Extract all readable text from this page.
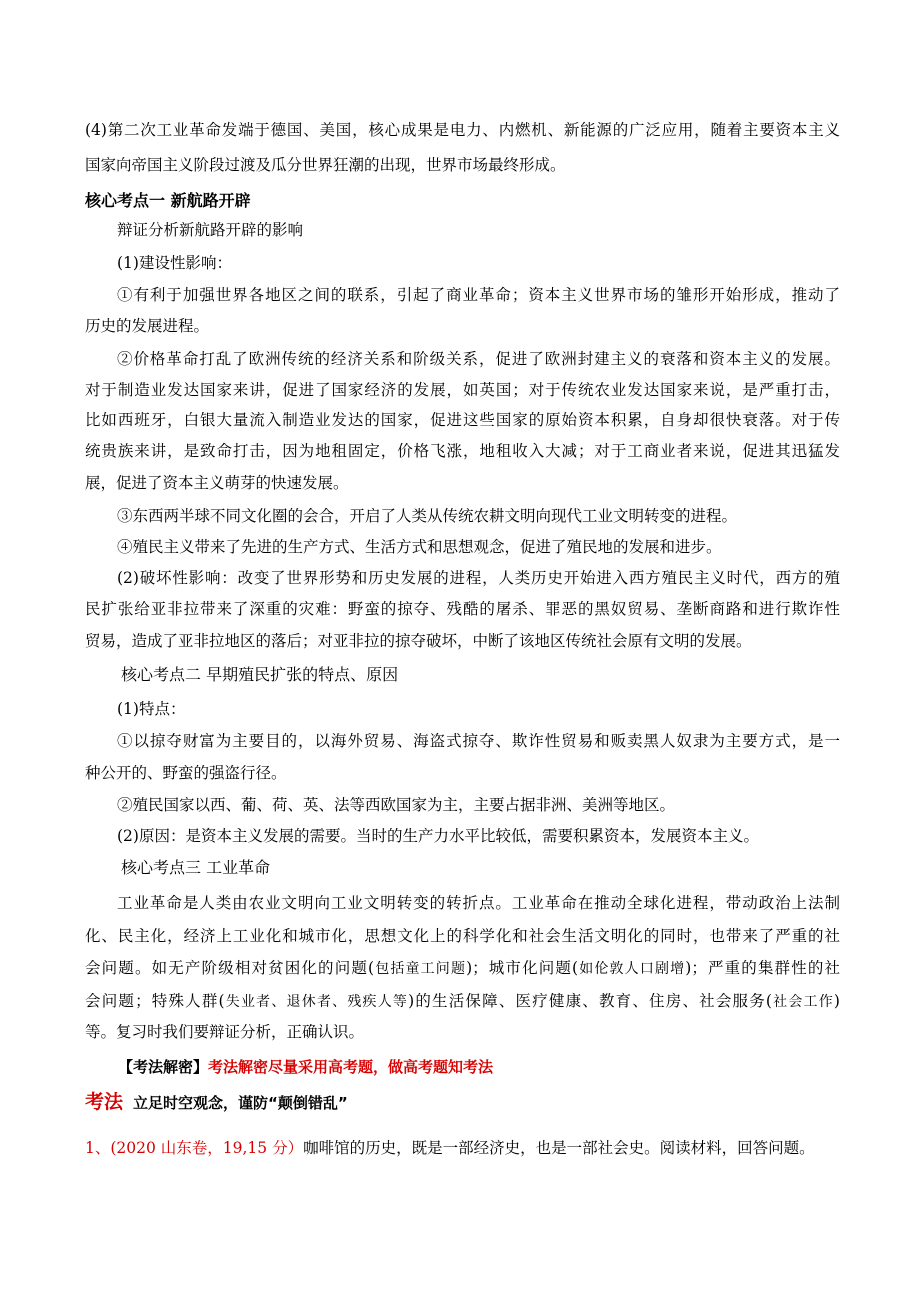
(4)第二次工业革命发端于德国、美国，核心成果是电力、内燃机、新能源的广泛应用，随着主要资本主义
国家向帝国主义阶段过渡及瓜分世界狂潮的出现，世界市场最终形成。
核心考点一 新航路开辟
辩证分析新航路开辟的影响
(1)建设性影响：
①有利于加强世界各地区之间的联系，引起了商业革命；资本主义世界市场的雏形开始形成，推动了
历史的发展进程。
②价格革命打乱了欧洲传统的经济关系和阶级关系，促进了欧洲封建主义的衰落和资本主义的发展。
对于制造业发达国家来讲，促进了国家经济的发展，如英国；对于传统农业发达国家来说，是严重打击，
比如西班牙，白银大量流入制造业发达的国家，促进这些国家的原始资本积累，自身却很快衰落。对于传
统贵族来讲，是致命打击，因为地租固定，价格飞涨，地租收入大减；对于工商业者来说，促进其迅猛发
展，促进了资本主义萌芽的快速发展。
③东西两半球不同文化圈的会合，开启了人类从传统农耕文明向现代工业文明转变的进程。
④殖民主义带来了先进的生产方式、生活方式和思想观念，促进了殖民地的发展和进步。
(2)破坏性影响：改变了世界形势和历史发展的进程，人类历史开始进入西方殖民主义时代，西方的殖
民扩张给亚非拉带来了深重的灾难：野蛮的掠夺、残酷的屠杀、罪恶的黑奴贸易、垄断商路和进行欺诈性
贸易，造成了亚非拉地区的落后；对亚非拉的掠夺破坏，中断了该地区传统社会原有文明的发展。
核心考点二 早期殖民扩张的特点、原因
(1)特点：
①以掠夺财富为主要目的，以海外贸易、海盗式掠夺、欺诈性贸易和贩卖黑人奴隶为主要方式，是一
种公开的、野蛮的强盗行径。
②殖民国家以西、葡、荷、英、法等西欧国家为主，主要占据非洲、美洲等地区。
(2)原因：是资本主义发展的需要。当时的生产力水平比较低，需要积累资本，发展资本主义。
核心考点三 工业革命
工业革命是人类由农业文明向工业文明转变的转折点。工业革命在推动全球化进程，带动政治上法制
化、民主化，经济上工业化和城市化，思想文化上的科学化和社会生活文明化的同时，也带来了严重的社
会问题。如无产阶级相对贫困化的问题(包括童工问题)；城市化问题(如伦敦人口剧增)；严重的集群性的社
会问题；特殊人群(失业者、退休者、残疾人等)的生活保障、医疗健康、教育、住房、社会服务(社会工作)
等。复习时我们要辩证分析，正确认识。
【考法解密】考法解密尽量采用高考题，做高考题知考法
考法 立足时空观念，谨防“颠倒错乱”
1、(2020 山东卷，19,15 分）咖啡馆的历史，既是一部经济史，也是一部社会史。阅读材料，回答问题。
